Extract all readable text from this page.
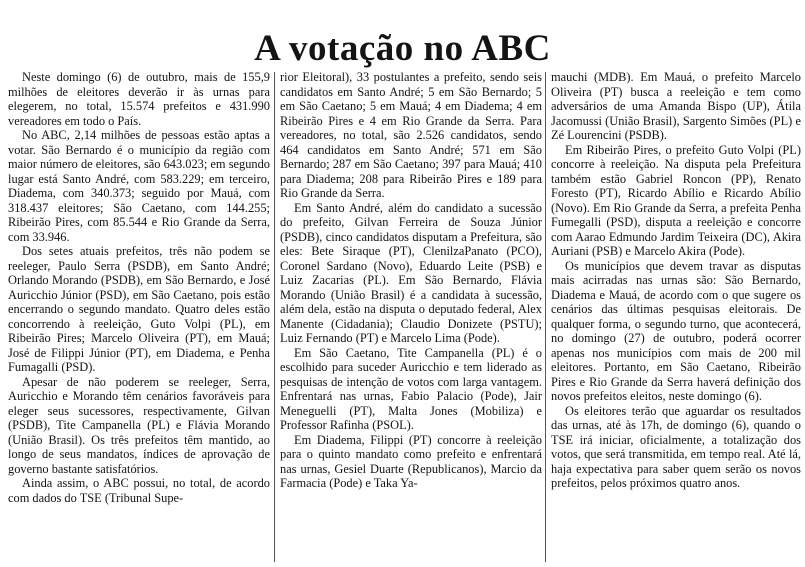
A votação no ABC

Neste domingo (6) de outubro, mais de 155,9 milhões de eleitores deverão ir às urnas para elegerem, no total, 15.574 prefeitos e 431.990 vereadores em todo o País.

No ABC, 2,14 milhões de pessoas estão aptas a votar. São Bernardo é o município da região com maior número de eleitores, são 643.023; em segundo lugar está Santo André, com 583.229; em terceiro, Diadema, com 340.373; seguido por Mauá, com 318.437 eleitores; São Caetano, com 144.255; Ribeirão Pires, com 85.544 e Rio Grande da Serra, com 33.946.

Dos setes atuais prefeitos, três não podem se reeleger, Paulo Serra (PSDB), em Santo André; Orlando Morando (PSDB), em São Bernardo, e José Auricchio Júnior (PSD), em São Caetano, pois estão encerrando o segundo mandato. Quatro deles estão concorrendo à reeleição, Guto Volpi (PL), em Ribeirão Pires; Marcelo Oliveira (PT), em Mauá; José de Filippi Júnior (PT), em Diadema, e Penha Fumagalli (PSD).

Apesar de não poderem se reeleger, Serra, Auricchio e Morando têm cenários favoráveis para eleger seus sucessores, respectivamente, Gilvan (PSDB), Tite Campanella (PL) e Flávia Morando (União Brasil). Os três prefeitos têm mantido, ao longo de seus mandatos, índices de aprovação de governo bastante satisfatórios.

Ainda assim, o ABC possui, no total, de acordo com dados do TSE (Tribunal Supe-

rior Eleitoral), 33 postulantes a prefeito, sendo seis candidatos em Santo André; 5 em São Bernardo; 5 em São Caetano; 5 em Mauá; 4 em Diadema; 4 em Ribeirão Pires e 4 em Rio Grande da Serra. Para vereadores, no total, são 2.526 candidatos, sendo 464 candidatos em Santo André; 571 em São Bernardo; 287 em São Caetano; 397 para Mauá; 410 para Diadema; 208 para Ribeirão Pires e 189 para Rio Grande da Serra.

Em Santo André, além do candidato a sucessão do prefeito, Gilvan Ferreira de Souza Júnior (PSDB), cinco candidatos disputam a Prefeitura, são eles: Bete Siraque (PT), ClenilzaPanato (PCO), Coronel Sardano (Novo), Eduardo Leite (PSB) e Luiz Zacarias (PL). Em São Bernardo, Flávia Morando (União Brasil) é a candidata à sucessão, além dela, estão na disputa o deputado federal, Alex Manente (Cidadania); Claudio Donizete (PSTU); Luiz Fernando (PT) e Marcelo Lima (Pode).

Em São Caetano, Tite Campanella (PL) é o escolhido para suceder Auricchio e tem liderado as pesquisas de intenção de votos com larga vantagem. Enfrentará nas urnas, Fabio Palacio (Pode), Jair Meneguelli (PT), Malta Jones (Mobiliza) e Professor Rafinha (PSOL).

Em Diadema, Filippi (PT) concorre à reeleição para o quinto mandato como prefeito e enfrentará nas urnas, Gesiel Duarte (Republicanos), Marcio da Farmacia (Pode) e Taka Ya-

mauchi (MDB). Em Mauá, o prefeito Marcelo Oliveira (PT) busca a reeleição e tem como adversários de uma Amanda Bispo (UP), Átila Jacomussi (União Brasil), Sargento Simões (PL) e Zé Lourencini (PSDB).

Em Ribeirão Pires, o prefeito Guto Volpi (PL) concorre à reeleição. Na disputa pela Prefeitura também estão Gabriel Roncon (PP), Renato Foresto (PT), Ricardo Abílio e Ricardo Abílio (Novo). Em Rio Grande da Serra, a prefeita Penha Fumegalli (PSD), disputa a reeleição e concorre com Aarao Edmundo Jardim Teixeira (DC), Akira Auriani (PSB) e Marcelo Akira (Pode).

Os municípios que devem travar as disputas mais acirradas nas urnas são: São Bernardo, Diadema e Mauá, de acordo com o que sugere os cenários das últimas pesquisas eleitorais. De qualquer forma, o segundo turno, que acontecerá, no domingo (27) de outubro, poderá ocorrer apenas nos municípios com mais de 200 mil eleitores. Portanto, em São Caetano, Ribeirão Pires e Rio Grande da Serra haverá definição dos novos prefeitos eleitos, neste domingo (6).

Os eleitores terão que aguardar os resultados das urnas, até às 17h, de domingo (6), quando o TSE irá iniciar, oficialmente, a totalização dos votos, que será transmitida, em tempo real. Até lá, haja expectativa para saber quem serão os novos prefeitos, pelos próximos quatro anos.
